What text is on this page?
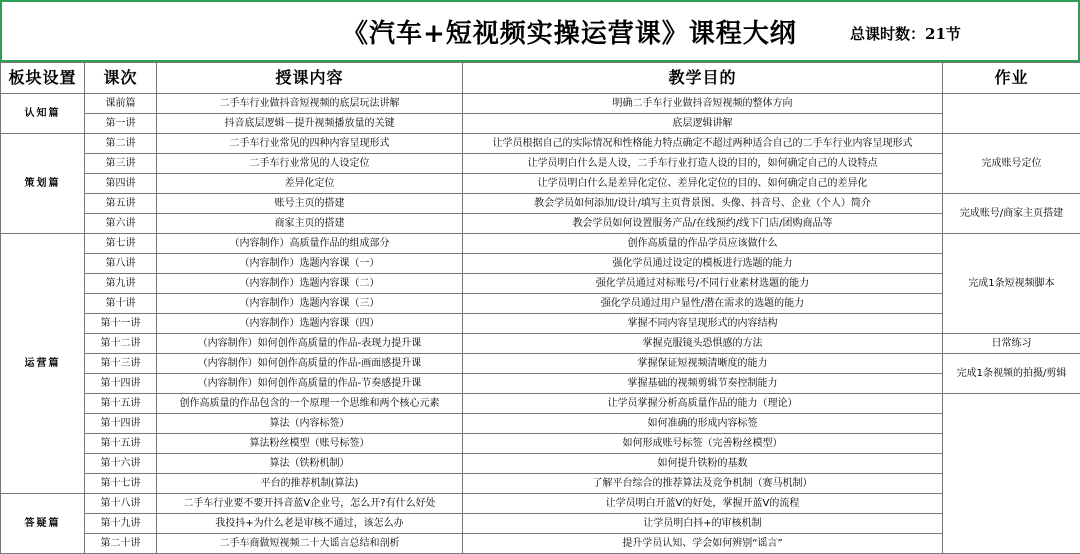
《汽车+短视频实操运营课》课程大纲	总课时数：21节
板块设置	课次	授课内容	教学目的	作业
认知篇	课前篇	二手车行业做抖音短视频的底层玩法讲解	明确二手车行业做抖音短视频的整体方向	
	第一讲	抖音底层逻辑－提升视频播放量的关键	底层逻辑讲解	
策划篇	第二讲	二手车行业常见的四种内容呈现形式	让学员根据自己的实际情况和性格能力特点确定不超过两种适合自己的二手车行业内容呈现形式	完成账号定位
	第三讲	二手车行业常见的人设定位	让学员明白什么是人设，二手车行业打造人设的目的，如何确定自己的人设特点	
	第四讲	差异化定位	让学员明白什么是差异化定位、差异化定位的目的、如何确定自己的差异化	
	第五讲	账号主页的搭建	教会学员如何添加/设计/填写主页背景图、头像、抖音号、企业（个人）简介	完成账号/商家主页搭建
	第六讲	商家主页的搭建	教会学员如何设置服务产品/在线预约/线下门店/团购商品等	
运营篇	第七讲	（内容制作）高质量作品的组成部分	创作高质量的作品学员应该做什么	完成1条短视频脚本
	第八讲	（内容制作）选题内容课（一）	强化学员通过设定的模板进行选题的能力	
	第九讲	（内容制作）选题内容课（二）	强化学员通过对标账号/不同行业素材选题的能力	
	第十讲	（内容制作）选题内容课（三）	强化学员通过用户显性/潜在需求的选题的能力	
	第十一讲	（内容制作）选题内容课（四）	掌握不同内容呈现形式的内容结构	
	第十二讲	（内容制作）如何创作高质量的作品-表现力提升课	掌握克服镜头恐惧感的方法	日常练习
	第十三讲	（内容制作）如何创作高质量的作品-画面感提升课	掌握保证短视频清晰度的能力	完成1条视频的拍摄/剪辑
	第十四讲	（内容制作）如何创作高质量的作品-节奏感提升课	掌握基础的视频剪辑节奏控制能力	
	第十五讲	创作高质量的作品包含的一个原理一个思维和两个核心元素	让学员掌握分析高质量作品的能力（理论）	
	第十四讲	算法（内容标签）	如何准确的形成内容标签	
	第十五讲	算法粉丝模型（账号标签）	如何形成账号标签（完善粉丝模型）	
	第十六讲	算法（铁粉机制）	如何提升铁粉的基数	
	第十七讲	平台的推荐机制(算法)	了解平台综合的推荐算法及竞争机制（赛马机制）	
答疑篇	第十八讲	二手车行业要不要开抖音蓝V企业号，怎么开?有什么好处	让学员明白开蓝V的好处，掌握开蓝V的流程	
	第十九讲	我投抖+为什么老是审核不通过，该怎么办	让学员明白抖+的审核机制	
	第二十讲	二手车商做短视频二十大谣言总结和剖析	提升学员认知、学会如何辨别“谣言”	
